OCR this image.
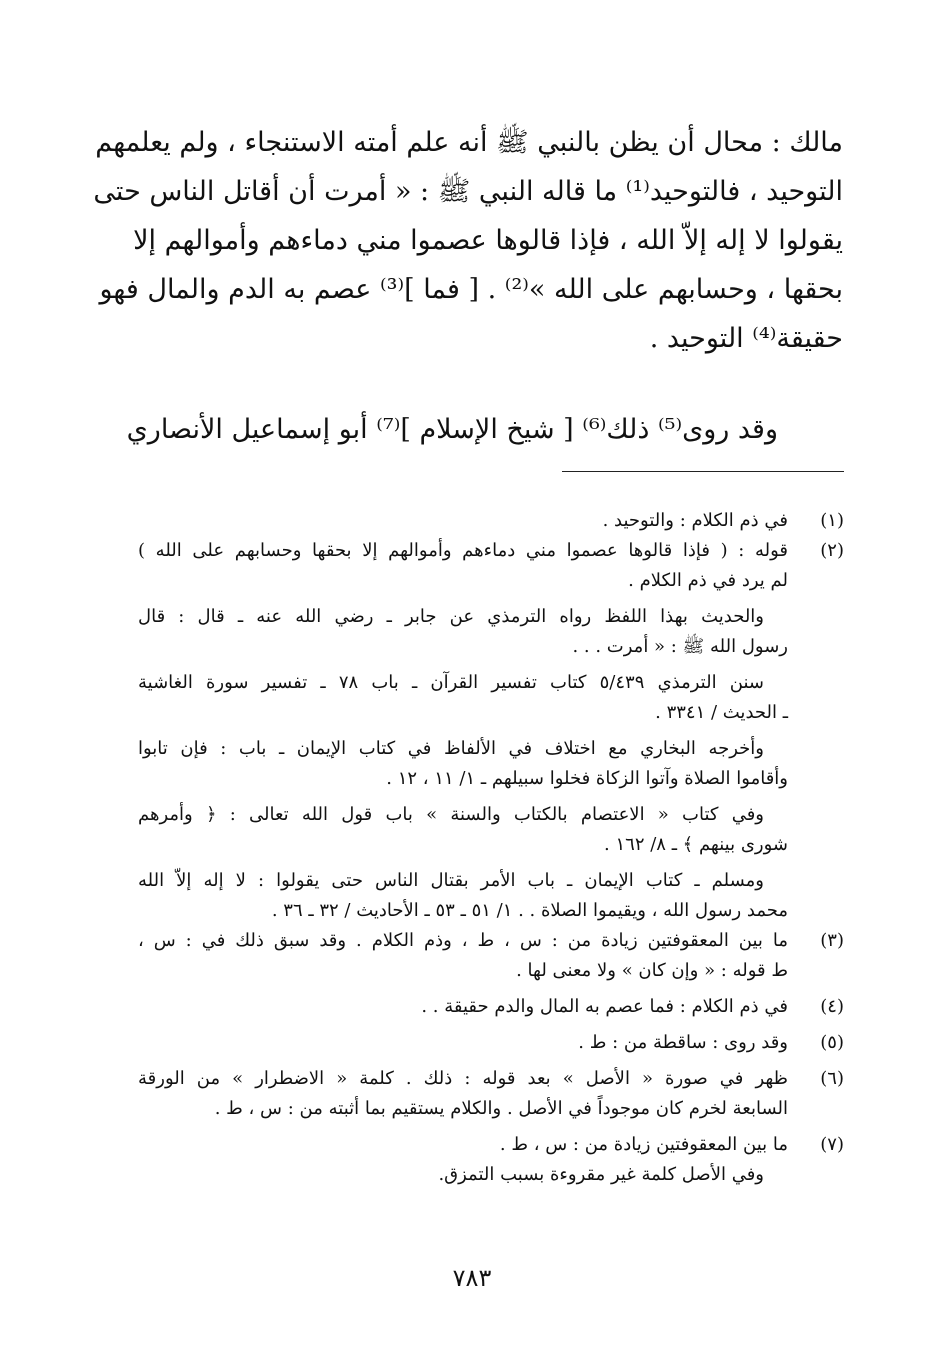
مالك : محال أن يظن بالنبي ﷺ أنه علم أمته الاستنجاء ، ولم يعلمهم
التوحيد ، فالتوحيد⁽¹⁾ ما قاله النبي ﷺ : « أمرت أن أقاتل الناس حتى
يقولوا لا إله إلاّ الله ، فإذا قالوها عصموا مني دماءهم وأموالهم إلا
بحقها ، وحسابهم على الله »⁽²⁾ . [ فما ]⁽³⁾ عصم به الدم والمال فهو
حقيقة⁽⁴⁾ التوحيد .
وقد روى⁽⁵⁾ ذلك⁽⁶⁾ [ شيخ الإسلام ]⁽⁷⁾ أبو إسماعيل الأنصاري
(١)
في ذم الكلام : والتوحيد .
(٢)
قوله : ( فإذا قالوها عصموا مني دماءهم وأموالهم إلا بحقها وحسابهم على الله )
لم يرد في ذم الكلام .
والحديث بهذا اللفظ رواه الترمذي عن جابر ـ رضي الله عنه ـ قال : قال
رسول الله ﷺ : « أمرت . . .
سنن الترمذي ٥/٤٣٩ كتاب تفسير القرآن ـ باب ٧٨ ـ تفسير سورة الغاشية
ـ الحديث / ٣٣٤١ .
وأخرجه البخاري مع اختلاف في الألفاظ في كتاب الإيمان ـ باب : فإن تابوا
وأقاموا الصلاة وآتوا الزكاة فخلوا سبيلهم ـ ١/ ١١ ، ١٢ .
وفي كتاب « الاعتصام بالكتاب والسنة » باب قول الله تعالى : ﴿ وأمرهم
شورى بينهم ﴾ ـ ٨/ ١٦٢ .
ومسلم ـ كتاب الإيمان ـ باب الأمر بقتال الناس حتى يقولوا : لا إله إلاّ الله
محمد رسول الله ، ويقيموا الصلاة . . ١/ ٥١ ـ ٥٣ ـ الأحاديث / ٣٢ ـ ٣٦ .
(٣)
ما بين المعقوفتين زيادة من : س ، ط ، وذم الكلام . وقد سبق ذلك في : س ،
ط قوله : « وإن كان » ولا معنى لها .
(٤)
في ذم الكلام : فما عصم به المال والدم حقيقة . .
(٥)
وقد روى : ساقطة من : ط .
(٦)
ظهر في صورة « الأصل » بعد قوله : ذلك . كلمة « الاضطرار » من الورقة
السابعة لخرم كان موجوداً في الأصل . والكلام يستقيم بما أثبته من : س ، ط .
(٧)
ما بين المعقوفتين زيادة من : س ، ط .
وفي الأصل كلمة غير مقروءة بسبب التمزق.
٧٨٣
